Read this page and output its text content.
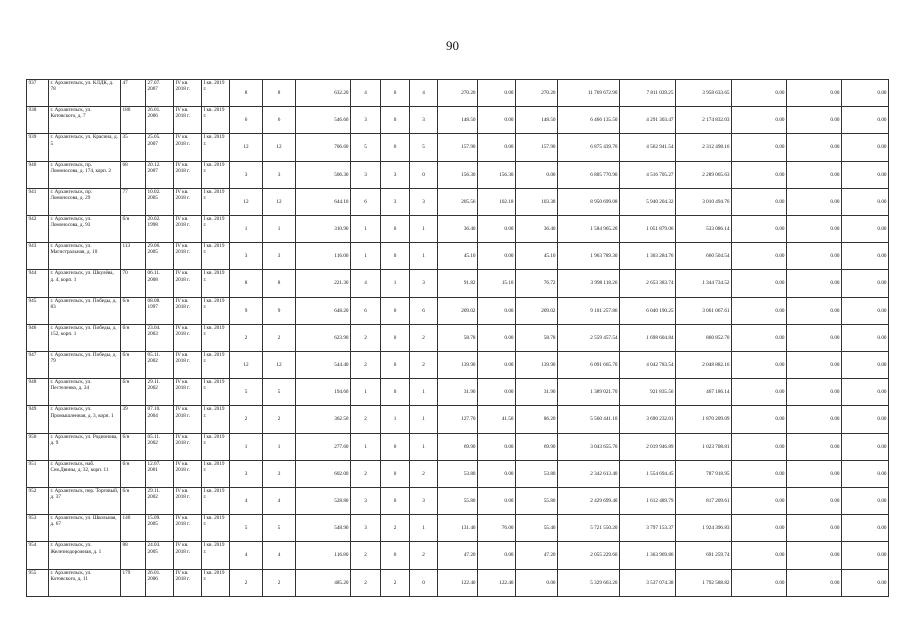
90
937	г. Архангельск, ул. КЛДК, д. 78	47	27.07. 2007	IV кв. 2018 г.	I кв. 2019 г.	8	8	632.20	4	0	4	270.20	0.00	270.20	11 769 672.90	7 811 039.25	3 958 633.65	0.00	0.00	0.00
938	г. Архангельск, ул. Котовского, д. 7	180	26.01. 2006	IV кв. 2018 г.	I кв. 2019 г.	6	6	546.60	3	0	3	148.50	0.00	148.50	6 466 135.50	4 291 303.47	2 174 832.03	0.00	0.00	0.00
939	г. Архангельск, ул. Красина, д. 5	35	25.05. 2007	IV кв. 2018 г.	I кв. 2019 г.	12	12	706.60	5	0	5	157.90	0.00	157.90	6 875 439.70	4 562 941.54	2 312 498.16	0.00	0.00	0.00
940	г. Архангельск, пр. Ломоносова, д. 174, корп. 2	68	20.12. 2007	IV кв. 2018 г.	I кв. 2019 г.	3	3	506.30	3	3	0	156.30	156.30	0.00	6 805 770.90	4 516 705.27	2 289 065.63	0.00	0.00	0.00
941	г. Архангельск, пр. Ломоносова, д. 29	77	10.02. 2005	IV кв. 2018 г.	I кв. 2019 г.	12	12	644.10	6	3	3	205.56	102.18	103.38	8 950 699.08	5 940 204.32	3 010 494.76	0.00	0.00	0.00
942	г. Архангельск, ул. Ломоносова, д. 93	б/н	20.02. 1998	IV кв. 2018 г.	I кв. 2019 г.	1	1	310.90	1	0	1	36.40	0.00	36.40	1 584 965.20	1 051 879.06	533 086.14	0.00	0.00	0.00
943	г. Архангельск, ул. Магистральная, д. 10	113	29.06. 2005	IV кв. 2018 г.	I кв. 2019 г.	3	3	116.00	1	0	1	45.10	0.00	45.10	1 963 789.30	1 303 284.76	660 504.54	0.00	0.00	0.00
944	г. Архангельск, ул. Шкулёва, д. 4, корп. 1	70	06.11. 2008	IV кв. 2018 г.	I кв. 2019 г.	8	8	221.30	4	1	3	91.82	15.10	76.72	3 998 118.26	2 653 383.74	1 344 734.52	0.00	0.00	0.00
945	г. Архангельск, ул. Победы, д. 83	б/н	08.08. 1997	IV кв. 2018 г.	I кв. 2019 г.	9	9	648.20	6	0	6	209.02	0.00	209.02	9 101 257.86	6 040 190.25	3 061 067.61	0.00	0.00	0.00
946	г. Архангельск, ул. Победы, д. 152, корп. 1	б/н	23.04. 2003	IV кв. 2018 г.	I кв. 2019 г.	2	2	623.90	2	0	2	58.78	0.00	58.78	2 559 457.54	1 698 604.84	860 852.70	0.00	0.00	0.00
947	г. Архангельск, ул. Победы, д. 79	б/н	05.11. 2002	IV кв. 2018 г.	I кв. 2019 г.	12	12	544.40	2	0	2	139.90	0.00	139.90	6 091 665.70	4 042 783.54	2 048 882.16	0.00	0.00	0.00
948	г. Архангельск, ул. Пестеленко, д. 34	б/н	29.11. 2002	IV кв. 2018 г.	I кв. 2019 г.	5	5	194.60	1	0	1	31.90	0.00	31.90	1 389 021.70	921 835.56	467 186.14	0.00	0.00	0.00
949	г. Архангельск, ул. Промышленная, д. 3, корп. 1	39	07.10. 2004	IV кв. 2018 г.	I кв. 2019 г.	2	2	362.50	2	1	1	127.70	41.50	86.20	5 560 441.10	3 690 232.01	1 870 209.09	0.00	0.00	0.00
950	г. Архангельск, ул. Родионова, д. 9	б/н	05.11. 2002	IV кв. 2018 г.	I кв. 2019 г.	1	1	277.60	1	0	1	69.90	0.00	69.90	3 043 655.70	2 019 946.89	1 023 708.81	0.00	0.00	0.00
951	г. Архангельск, наб. Сев.Двины, д. 32, корп. 11	б/н	12.07. 2001	IV кв. 2018 г.	I кв. 2019 г.	3	3	602.00	2	0	2	53.80	0.00	53.80	2 342 613.40	1 554 694.45	787 918.95	0.00	0.00	0.00
952	г. Архангельск, пер. Торговый, д. 37	б/н	29.11. 2002	IV кв. 2018 г.	I кв. 2019 г.	4	4	528.80	3	0	3	55.80	0.00	55.80	2 429 699.40	1 612 489.79	817 209.61	0.00	0.00	0.00
953	г. Архангельск, ул. Школьная, д. 67	140	15.09. 2005	IV кв. 2018 г.	I кв. 2019 г.	5	5	548.90	3	2	1	131.40	76.00	55.40	5 721 550.20	3 797 153.37	1 924 396.83	0.00	0.00	0.00
954	г. Архангельск, ул. Железнодорожная, д. 1	88	24.03. 2005	IV кв. 2018 г.	I кв. 2019 г.	4	4	116.80	2	0	2	47.20	0.00	47.20	2 055 229.60	1 363 969.86	691 259.74	0.00	0.00	0.00
955	г. Архангельск, ул. Котовского, д. 11	179	26.01. 2006	IV кв. 2018 г.	I кв. 2019 г.	2	2	485.20	2	2	0	122.40	122.40	0.00	5 329 663.20	3 537 074.38	1 792 588.82	0.00	0.00	0.00
